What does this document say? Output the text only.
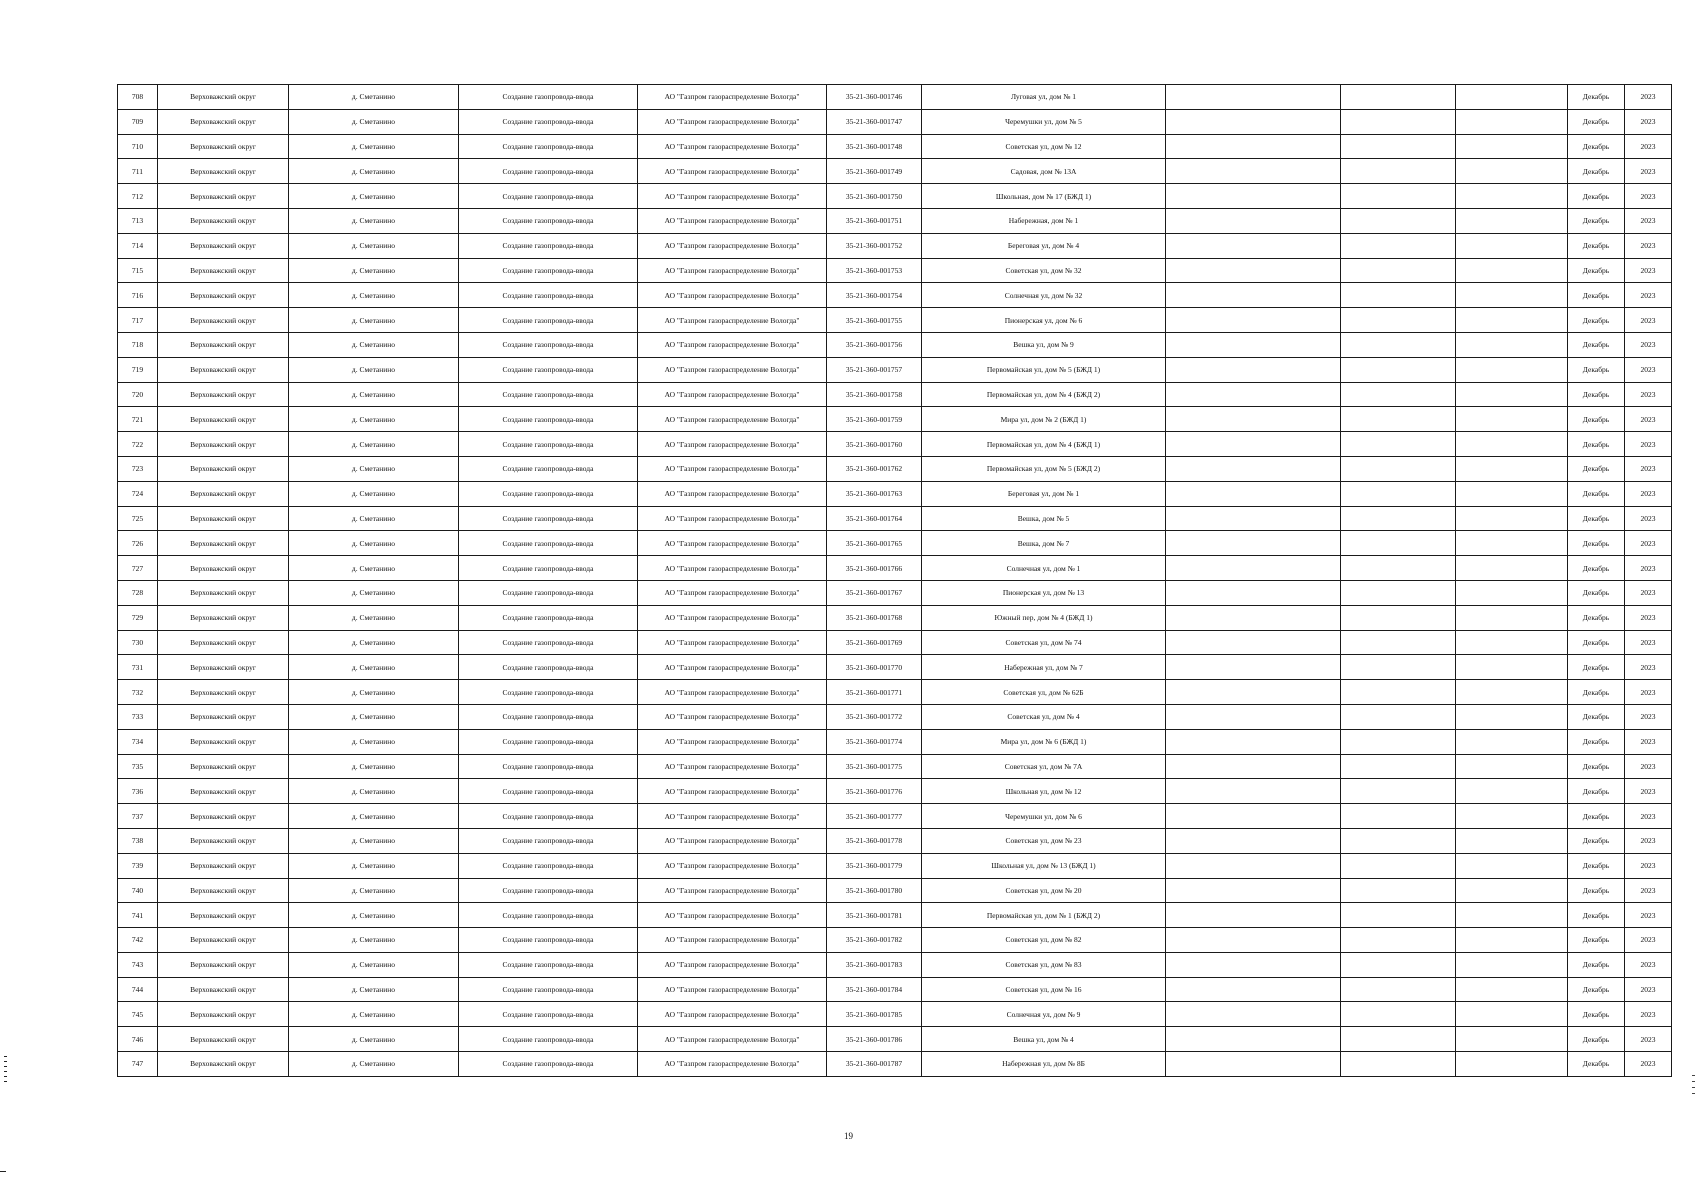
708	Верховажский округ	д. Сметанино	Создание газопровода-ввода	АО "Газпром газораспределение Вологда"	35-21-360-001746	Луговая ул, дом № 1				Декабрь	2023
709	Верховажский округ	д. Сметанино	Создание газопровода-ввода	АО "Газпром газораспределение Вологда"	35-21-360-001747	Черемушки ул, дом № 5				Декабрь	2023
710	Верховажский округ	д. Сметанино	Создание газопровода-ввода	АО "Газпром газораспределение Вологда"	35-21-360-001748	Советская ул, дом № 12				Декабрь	2023
711	Верховажский округ	д. Сметанино	Создание газопровода-ввода	АО "Газпром газораспределение Вологда"	35-21-360-001749	Садовая, дом № 13А				Декабрь	2023
712	Верховажский округ	д. Сметанино	Создание газопровода-ввода	АО "Газпром газораспределение Вологда"	35-21-360-001750	Школьная, дом № 17 (БЖД 1)				Декабрь	2023
713	Верховажский округ	д. Сметанино	Создание газопровода-ввода	АО "Газпром газораспределение Вологда"	35-21-360-001751	Набережная, дом № 1				Декабрь	2023
714	Верховажский округ	д. Сметанино	Создание газопровода-ввода	АО "Газпром газораспределение Вологда"	35-21-360-001752	Береговая ул, дом № 4				Декабрь	2023
715	Верховажский округ	д. Сметанино	Создание газопровода-ввода	АО "Газпром газораспределение Вологда"	35-21-360-001753	Советская ул, дом № 32				Декабрь	2023
716	Верховажский округ	д. Сметанино	Создание газопровода-ввода	АО "Газпром газораспределение Вологда"	35-21-360-001754	Солнечная ул, дом № 32				Декабрь	2023
717	Верховажский округ	д. Сметанино	Создание газопровода-ввода	АО "Газпром газораспределение Вологда"	35-21-360-001755	Пионерская ул, дом № 6				Декабрь	2023
718	Верховажский округ	д. Сметанино	Создание газопровода-ввода	АО "Газпром газораспределение Вологда"	35-21-360-001756	Вешка ул, дом № 9				Декабрь	2023
719	Верховажский округ	д. Сметанино	Создание газопровода-ввода	АО "Газпром газораспределение Вологда"	35-21-360-001757	Первомайская ул, дом № 5 (БЖД 1)				Декабрь	2023
720	Верховажский округ	д. Сметанино	Создание газопровода-ввода	АО "Газпром газораспределение Вологда"	35-21-360-001758	Первомайская ул, дом № 4 (БЖД 2)				Декабрь	2023
721	Верховажский округ	д. Сметанино	Создание газопровода-ввода	АО "Газпром газораспределение Вологда"	35-21-360-001759	Мира ул, дом № 2 (БЖД 1)				Декабрь	2023
722	Верховажский округ	д. Сметанино	Создание газопровода-ввода	АО "Газпром газораспределение Вологда"	35-21-360-001760	Первомайская ул, дом № 4 (БЖД 1)				Декабрь	2023
723	Верховажский округ	д. Сметанино	Создание газопровода-ввода	АО "Газпром газораспределение Вологда"	35-21-360-001762	Первомайская ул, дом № 5 (БЖД 2)				Декабрь	2023
724	Верховажский округ	д. Сметанино	Создание газопровода-ввода	АО "Газпром газораспределение Вологда"	35-21-360-001763	Береговая ул, дом № 1				Декабрь	2023
725	Верховажский округ	д. Сметанино	Создание газопровода-ввода	АО "Газпром газораспределение Вологда"	35-21-360-001764	Вешка, дом № 5				Декабрь	2023
726	Верховажский округ	д. Сметанино	Создание газопровода-ввода	АО "Газпром газораспределение Вологда"	35-21-360-001765	Вешка, дом № 7				Декабрь	2023
727	Верховажский округ	д. Сметанино	Создание газопровода-ввода	АО "Газпром газораспределение Вологда"	35-21-360-001766	Солнечная ул, дом № 1				Декабрь	2023
728	Верховажский округ	д. Сметанино	Создание газопровода-ввода	АО "Газпром газораспределение Вологда"	35-21-360-001767	Пионерская ул, дом № 13				Декабрь	2023
729	Верховажский округ	д. Сметанино	Создание газопровода-ввода	АО "Газпром газораспределение Вологда"	35-21-360-001768	Южный пер, дом № 4 (БЖД 1)				Декабрь	2023
730	Верховажский округ	д. Сметанино	Создание газопровода-ввода	АО "Газпром газораспределение Вологда"	35-21-360-001769	Советская ул, дом № 74				Декабрь	2023
731	Верховажский округ	д. Сметанино	Создание газопровода-ввода	АО "Газпром газораспределение Вологда"	35-21-360-001770	Набережная ул, дом № 7				Декабрь	2023
732	Верховажский округ	д. Сметанино	Создание газопровода-ввода	АО "Газпром газораспределение Вологда"	35-21-360-001771	Советская ул, дом № 62Б				Декабрь	2023
733	Верховажский округ	д. Сметанино	Создание газопровода-ввода	АО "Газпром газораспределение Вологда"	35-21-360-001772	Советская ул, дом № 4				Декабрь	2023
734	Верховажский округ	д. Сметанино	Создание газопровода-ввода	АО "Газпром газораспределение Вологда"	35-21-360-001774	Мира ул, дом № 6 (БЖД 1)				Декабрь	2023
735	Верховажский округ	д. Сметанино	Создание газопровода-ввода	АО "Газпром газораспределение Вологда"	35-21-360-001775	Советская ул, дом № 7А				Декабрь	2023
736	Верховажский округ	д. Сметанино	Создание газопровода-ввода	АО "Газпром газораспределение Вологда"	35-21-360-001776	Школьная ул, дом № 12				Декабрь	2023
737	Верховажский округ	д. Сметанино	Создание газопровода-ввода	АО "Газпром газораспределение Вологда"	35-21-360-001777	Черемушки ул, дом № 6				Декабрь	2023
738	Верховажский округ	д. Сметанино	Создание газопровода-ввода	АО "Газпром газораспределение Вологда"	35-21-360-001778	Советская ул, дом № 23				Декабрь	2023
739	Верховажский округ	д. Сметанино	Создание газопровода-ввода	АО "Газпром газораспределение Вологда"	35-21-360-001779	Школьная ул, дом № 13 (БЖД 1)				Декабрь	2023
740	Верховажский округ	д. Сметанино	Создание газопровода-ввода	АО "Газпром газораспределение Вологда"	35-21-360-001780	Советская ул, дом № 20				Декабрь	2023
741	Верховажский округ	д. Сметанино	Создание газопровода-ввода	АО "Газпром газораспределение Вологда"	35-21-360-001781	Первомайская ул, дом № 1 (БЖД 2)				Декабрь	2023
742	Верховажский округ	д. Сметанино	Создание газопровода-ввода	АО "Газпром газораспределение Вологда"	35-21-360-001782	Советская ул, дом № 82				Декабрь	2023
743	Верховажский округ	д. Сметанино	Создание газопровода-ввода	АО "Газпром газораспределение Вологда"	35-21-360-001783	Советская ул, дом № 83				Декабрь	2023
744	Верховажский округ	д. Сметанино	Создание газопровода-ввода	АО "Газпром газораспределение Вологда"	35-21-360-001784	Советская ул, дом № 16				Декабрь	2023
745	Верховажский округ	д. Сметанино	Создание газопровода-ввода	АО "Газпром газораспределение Вологда"	35-21-360-001785	Солнечная ул, дом № 9				Декабрь	2023
746	Верховажский округ	д. Сметанино	Создание газопровода-ввода	АО "Газпром газораспределение Вологда"	35-21-360-001786	Вешка ул, дом № 4				Декабрь	2023
747	Верховажский округ	д. Сметанино	Создание газопровода-ввода	АО "Газпром газораспределение Вологда"	35-21-360-001787	Набережная ул, дом № 8Б				Декабрь	2023
19
